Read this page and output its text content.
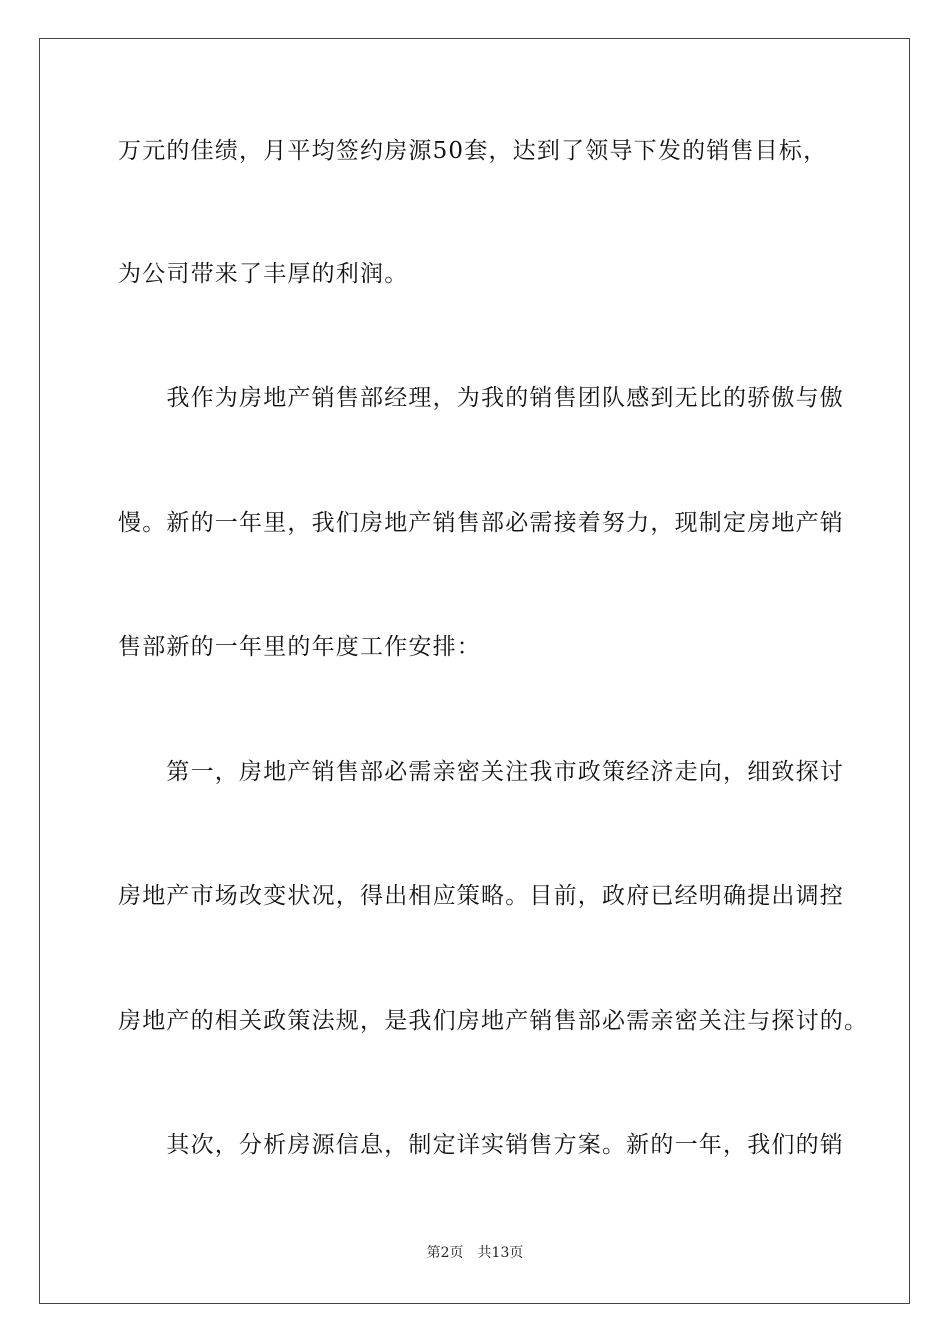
万元的佳绩，月平均签约房源50套，达到了领导下发的销售目标，
为公司带来了丰厚的利润。
　　我作为房地产销售部经理，为我的销售团队感到无比的骄傲与傲
慢。新的一年里，我们房地产销售部必需接着努力，现制定房地产销
售部新的一年里的年度工作安排：
　　第一，房地产销售部必需亲密关注我市政策经济走向，细致探讨
房地产市场改变状况，得出相应策略。目前，政府已经明确提出调控
房地产的相关政策法规，是我们房地产销售部必需亲密关注与探讨的。
　　其次，分析房源信息，制定详实销售方案。新的一年，我们的销
第2页 共13页
